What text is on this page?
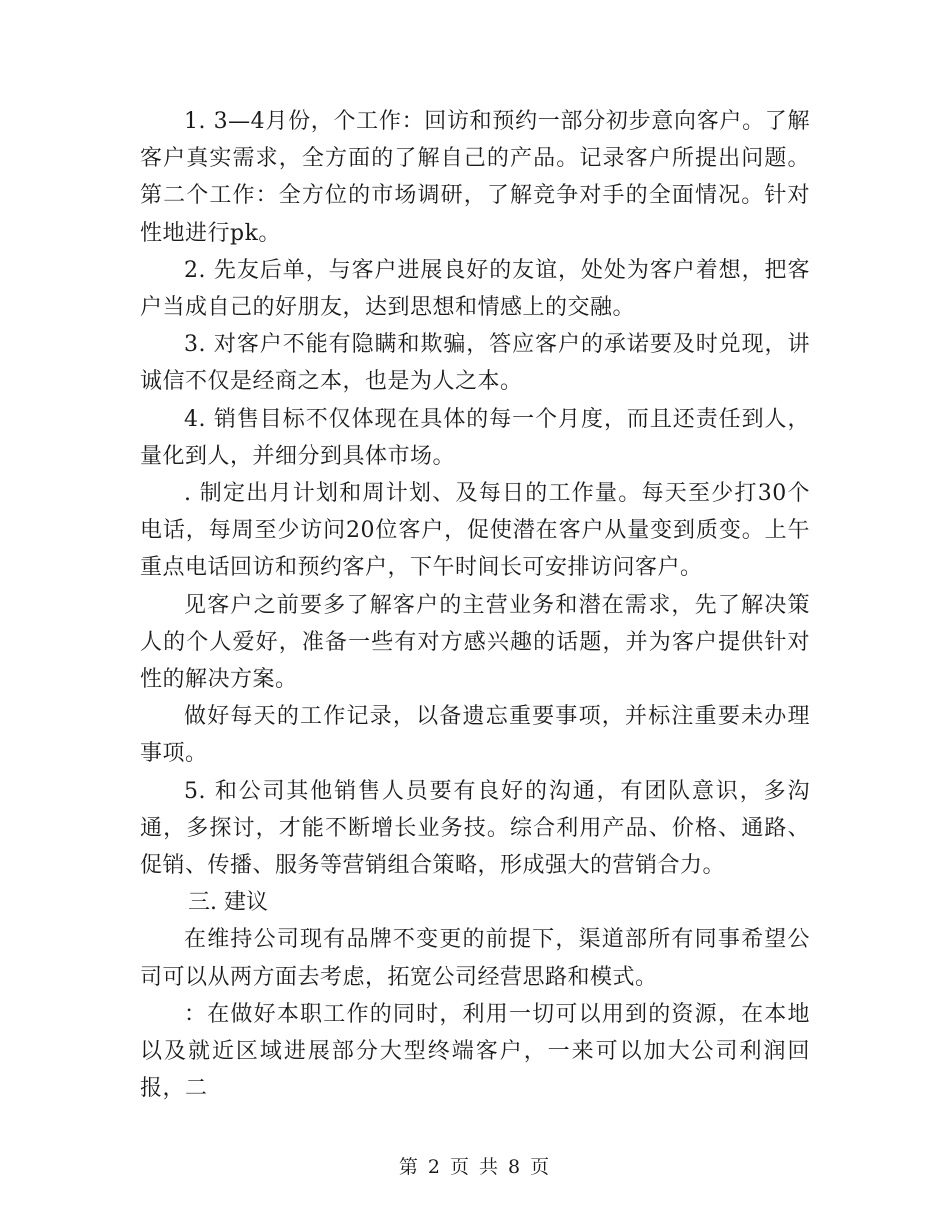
1. 3—4月份，个工作：回访和预约一部分初步意向客户。了解客户真实需求，全方面的了解自己的产品。记录客户所提出问题。第二个工作：全方位的市场调研，了解竞争对手的全面情况。针对性地进行pk。

2. 先友后单，与客户进展良好的友谊，处处为客户着想，把客户当成自己的好朋友，达到思想和情感上的交融。

3. 对客户不能有隐瞒和欺骗，答应客户的承诺要及时兑现，讲诚信不仅是经商之本，也是为人之本。

4. 销售目标不仅体现在具体的每一个月度，而且还责任到人，量化到人，并细分到具体市场。

. 制定出月计划和周计划、及每日的工作量。每天至少打30个电话，每周至少访问20位客户，促使潜在客户从量变到质变。上午重点电话回访和预约客户，下午时间长可安排访问客户。

见客户之前要多了解客户的主营业务和潜在需求，先了解决策人的个人爱好，准备一些有对方感兴趣的话题，并为客户提供针对性的解决方案。

做好每天的工作记录，以备遗忘重要事项，并标注重要未办理事项。

5. 和公司其他销售人员要有良好的沟通，有团队意识，多沟通，多探讨，才能不断增长业务技。综合利用产品、价格、通路、促销、传播、服务等营销组合策略，形成强大的营销合力。

三. 建议

在维持公司现有品牌不变更的前提下，渠道部所有同事希望公司可以从两方面去考虑，拓宽公司经营思路和模式。

：在做好本职工作的同时，利用一切可以用到的资源，在本地以及就近区域进展部分大型终端客户，一来可以加大公司利润回报，二

第 2 页 共 8 页
